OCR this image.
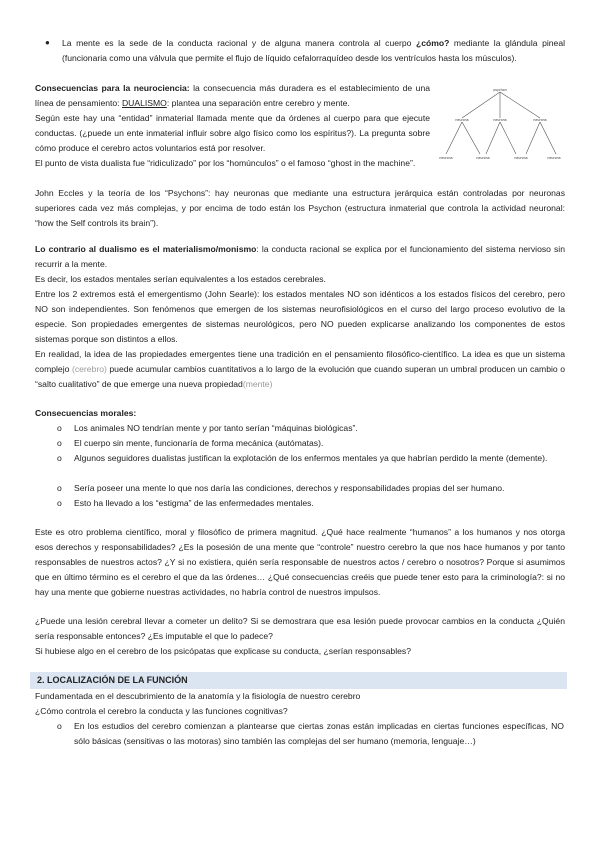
● La mente es la sede de la conducta racional y de alguna manera controla al cuerpo ¿cómo? mediante la glándula pineal (funcionaria como una válvula que permite el flujo de líquido cefalorraquídeo desde los ventrículos hasta los músculos).

Consecuencias para la neurociencia: la consecuencia más duradera es el establecimiento de una línea de pensamiento: DUALISMO: plantea una separación entre cerebro y mente.

Según este hay una “entidad” inmaterial llamada mente que da órdenes al cuerpo para que ejecute conductas. (¿puede un ente inmaterial influir sobre algo físico como los espíritus?). La pregunta sobre cómo produce el cerebro actos voluntarios está por resolver.

El punto de vista dualista fue “ridiculizado” por los “homúnculos” o el famoso “ghost in the machine”.

John Eccles y la teoría de los “Psychons”: hay neuronas que mediante una estructura jerárquica están controladas por neuronas superiores cada vez más complejas, y por encima de todo están los Psychon (estructura inmaterial que controla la actividad neuronal: “how the Self controls its brain”).

psychon
neurona	neurona	neurona
neurona	neurona	neurona	neurona

Lo contrario al dualismo es el materialismo/monismo: la conducta racional se explica por el funcionamiento del sistema nervioso sin recurrir a la mente.

Es decir, los estados mentales serían equivalentes a los estados cerebrales.

Entre los 2 extremos está el emergentismo (John Searle): los estados mentales NO son idénticos a los estados físicos del cerebro, pero NO son independientes. Son fenómenos que emergen de los sistemas neurofisiológicos en el curso del largo proceso evolutivo de la especie. Son propiedades emergentes de sistemas neurológicos, pero NO pueden explicarse analizando los componentes de estos sistemas porque son distintos a ellos.

En realidad, la idea de las propiedades emergentes tiene una tradición en el pensamiento filosófico-científico. La idea es que un sistema complejo (cerebro) puede acumular cambios cuantitativos a lo largo de la evolución que cuando superan un umbral producen un cambio o “salto cualitativo” de que emerge una nueva propiedad(mente)

Consecuencias morales:

o Los animales NO tendrían mente y por tanto serían “máquinas biológicas”.

o El cuerpo sin mente, funcionaría de forma mecánica (autómatas).

o Algunos seguidores dualistas justifican la explotación de los enfermos mentales ya que habrían perdido la mente (demente).

o Sería poseer una mente lo que nos daría las condiciones, derechos y responsabilidades propias del ser humano.

o Esto ha llevado a los “estigma” de las enfermedades mentales.

Este es otro problema científico, moral y filosófico de primera magnitud. ¿Qué hace realmente “humanos” a los humanos y nos otorga esos derechos y responsabilidades? ¿Es la posesión de una mente que “controle” nuestro cerebro la que nos hace humanos y por tanto responsables de nuestros actos? ¿Y si no existiera, quién sería responsable de nuestros actos / cerebro o nosotros? Porque si asumimos que en último término es el cerebro el que da las órdenes… ¿Qué consecuencias creéis que puede tener esto para la criminología?: si no hay una mente que gobierne nuestras actividades, no habría control de nuestros impulsos.

¿Puede una lesión cerebral llevar a cometer un delito? Si se demostrara que esa lesión puede provocar cambios en la conducta ¿Quién sería responsable entonces? ¿Es imputable el que lo padece?

Si hubiese algo en el cerebro de los psicópatas que explicase su conducta, ¿serían responsables?

2. LOCALIZACIÓN DE LA FUNCIÓN

Fundamentada en el descubrimiento de la anatomía y la fisiología de nuestro cerebro

¿Cómo controla el cerebro la conducta y las funciones cognitivas?

o En los estudios del cerebro comienzan a plantearse que ciertas zonas están implicadas en ciertas funciones específicas, NO sólo básicas (sensitivas o las motoras) sino también las complejas del ser humano (memoria, lenguaje…)
